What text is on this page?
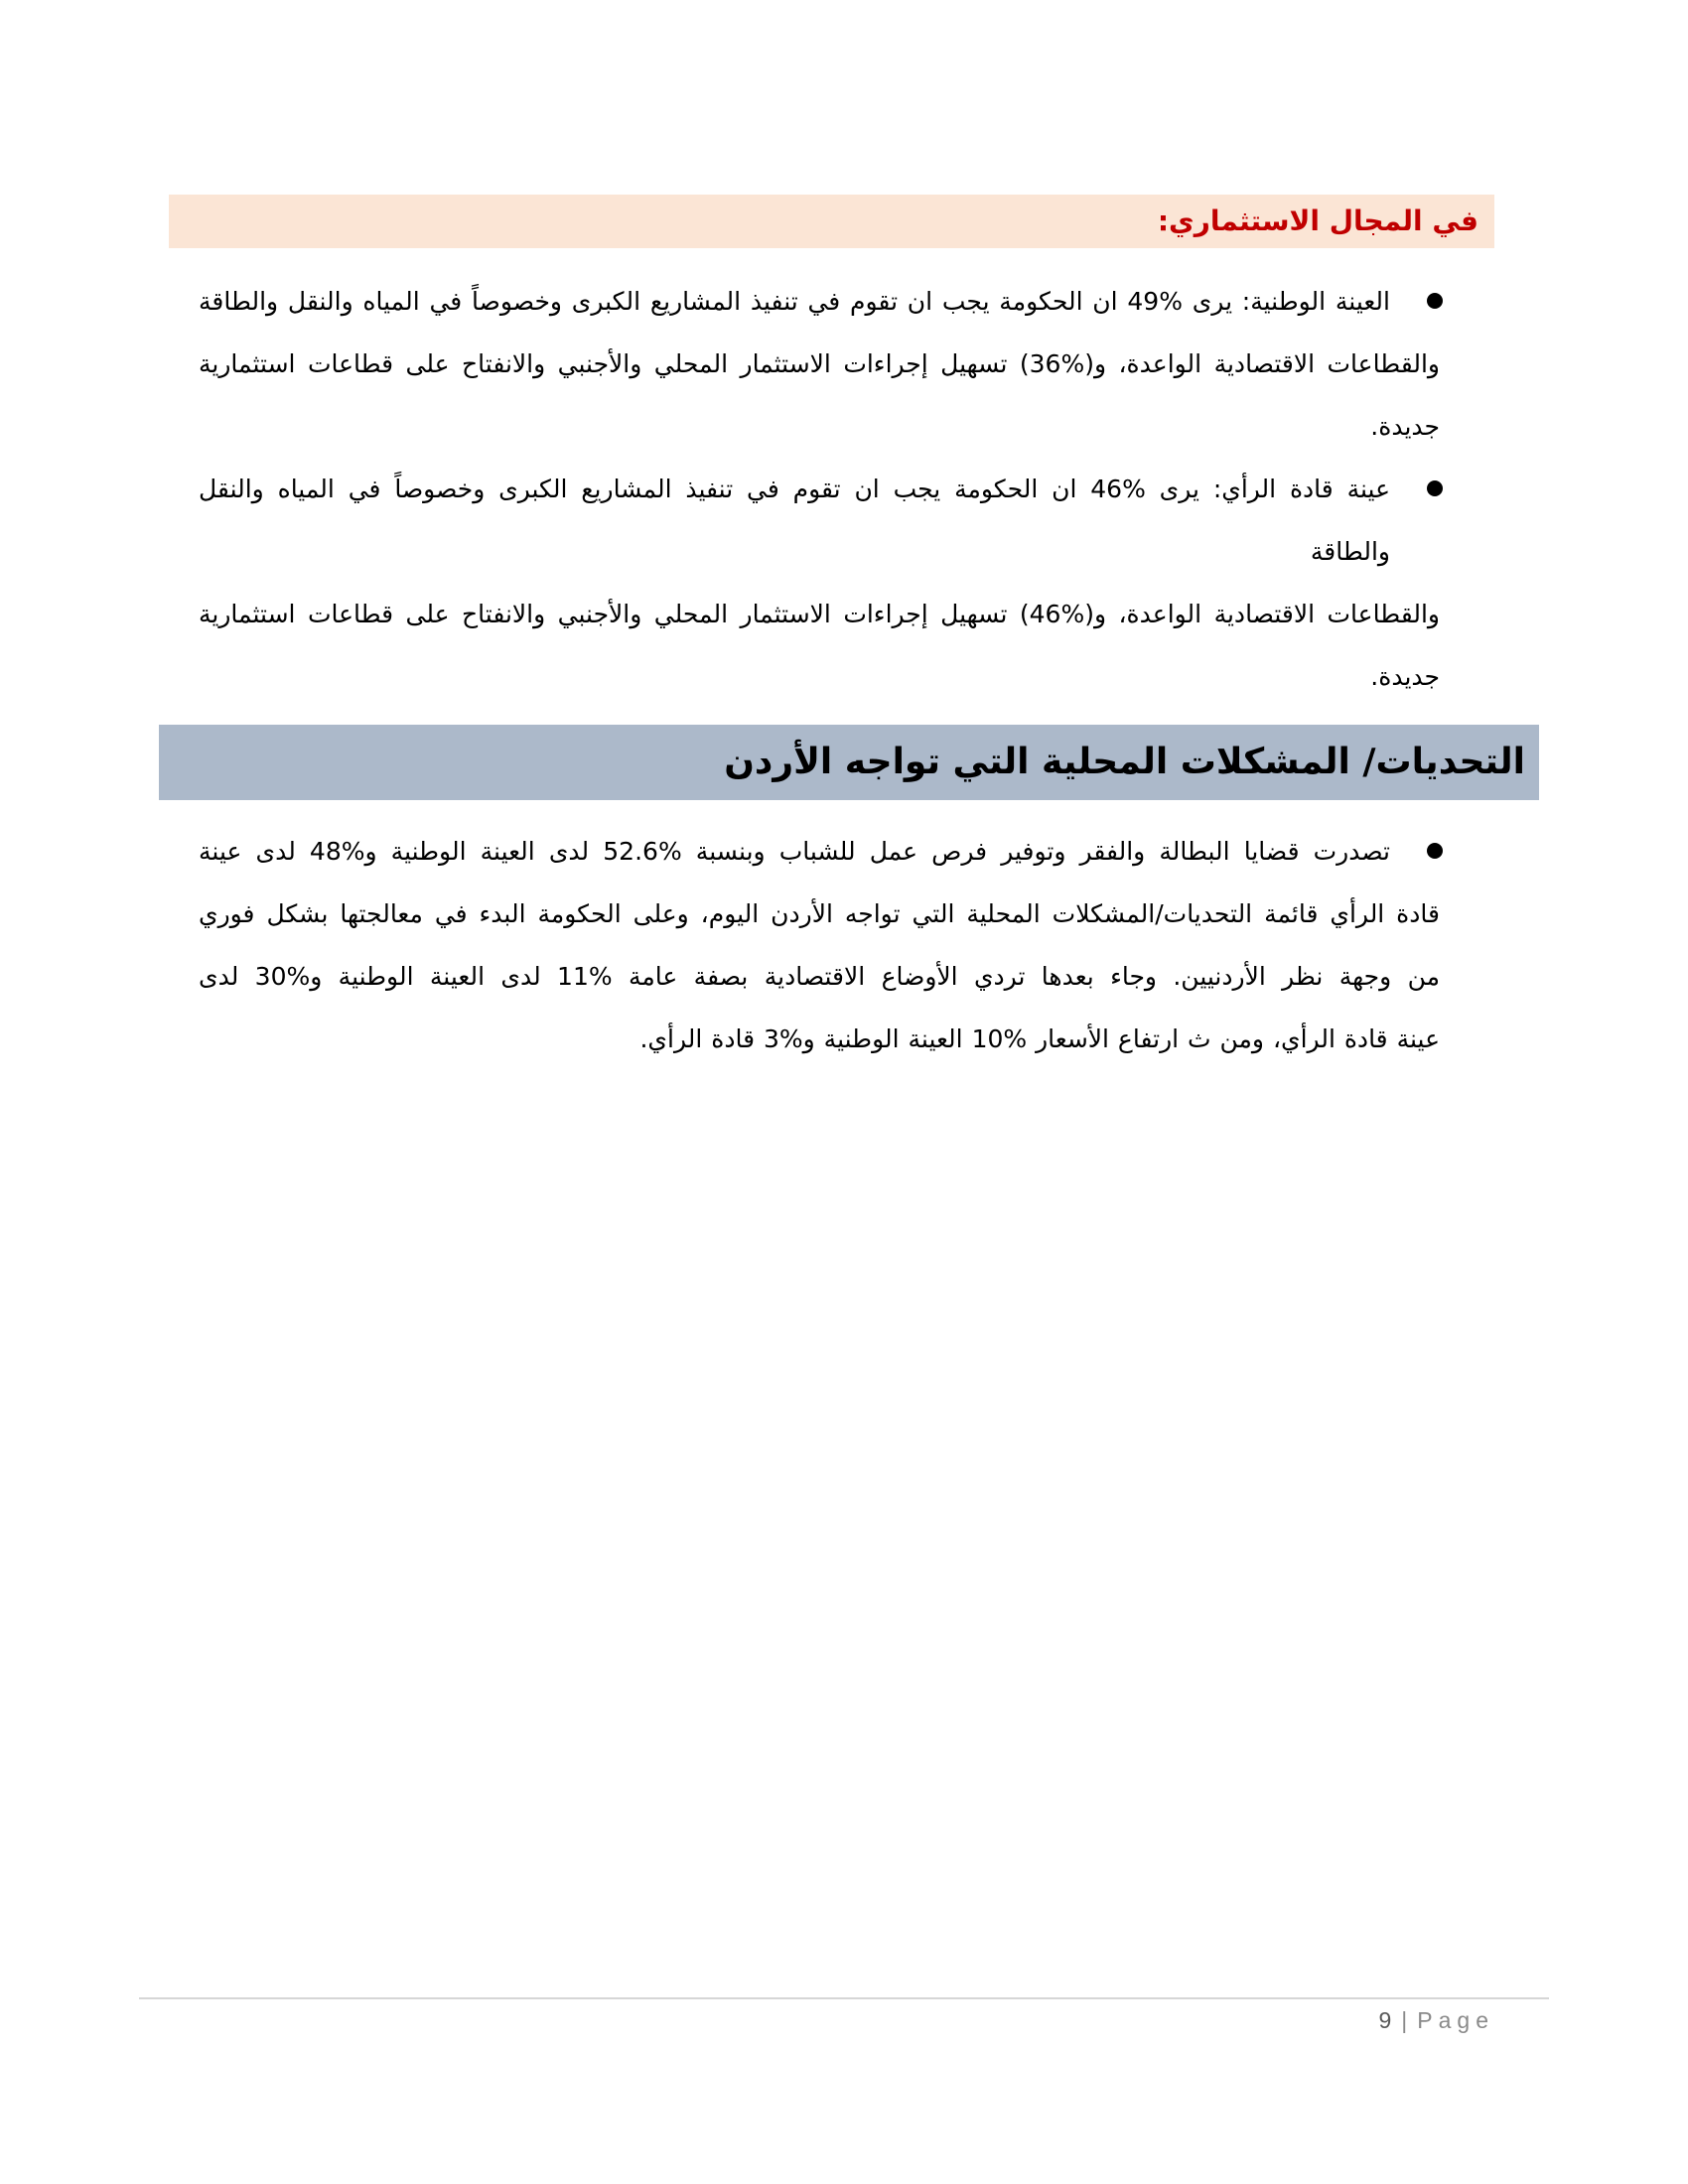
في المجال الاستثماري:
العينة الوطنية: يرى %49 ان الحكومة يجب ان تقوم في تنفيذ المشاريع الكبرى وخصوصاً في المياه والنقل والطاقة
والقطاعات الاقتصادية الواعدة، و(%36) تسهيل إجراءات الاستثمار المحلي والأجنبي والانفتاح على قطاعات استثمارية
جديدة.
عينة قادة الرأي: يرى %46 ان الحكومة يجب ان تقوم في تنفيذ المشاريع الكبرى وخصوصاً في المياه والنقل والطاقة
والقطاعات الاقتصادية الواعدة، و(%46) تسهيل إجراءات الاستثمار المحلي والأجنبي والانفتاح على قطاعات استثمارية
جديدة.
التحديات/ المشكلات المحلية التي تواجه الأردن
تصدرت قضايا البطالة والفقر وتوفير فرص عمل للشباب وبنسبة %52.6 لدى العينة الوطنية و%48 لدى عينة
قادة الرأي قائمة التحديات/المشكلات المحلية التي تواجه الأردن اليوم، وعلى الحكومة البدء في معالجتها بشكل فوري
من وجهة نظر الأردنيين. وجاء بعدها تردي الأوضاع الاقتصادية بصفة عامة %11 لدى العينة الوطنية و%30 لدى
عينة قادة الرأي، ومن ث ارتفاع الأسعار %10 العينة الوطنية و%3 قادة الرأي.
9 | Page
